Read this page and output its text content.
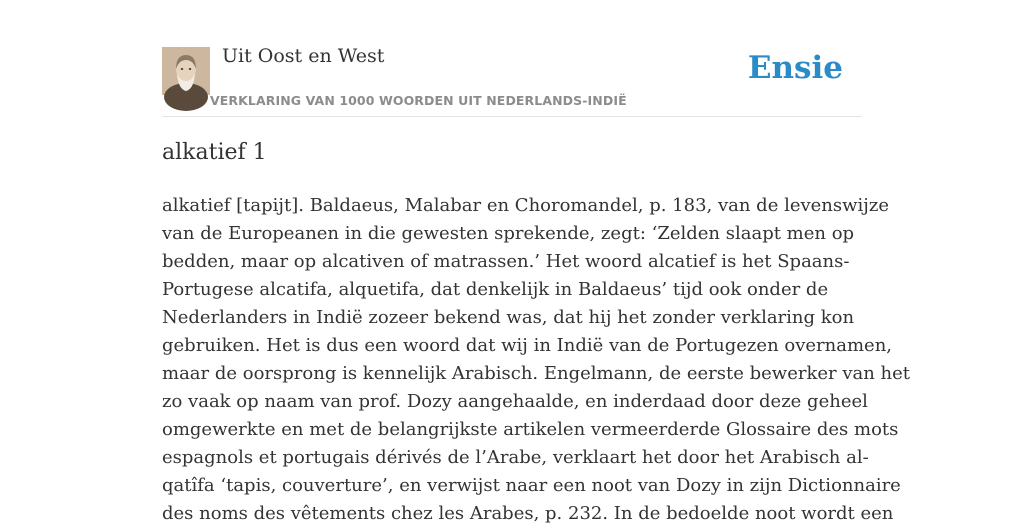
Uit Oost en West
VERKLARING VAN 1000 WOORDEN UIT NEDERLANDS-INDIË
Ensie
alkatief 1
alkatief [tapijt]. Baldaeus, Malabar en Choromandel, p. 183, van de levenswijze
van de Europeanen in die gewesten sprekende, zegt: ‘Zelden slaapt men op
bedden, maar op alcativen of matrassen.’ Het woord alcatief is het Spaans-
Portugese alcatifa, alquetifa, dat denkelijk in Baldaeus’ tijd ook onder de
Nederlanders in Indië zozeer bekend was, dat hij het zonder verklaring kon
gebruiken. Het is dus een woord dat wij in Indië van de Portugezen overnamen,
maar de oorsprong is kennelijk Arabisch. Engelmann, de eerste bewerker van het
zo vaak op naam van prof. Dozy aangehaalde, en inderdaad door deze geheel
omgewerkte en met de belangrijkste artikelen vermeerderde Glossaire des mots
espagnols et portugais dérivés de l’Arabe, verklaart het door het Arabisch al-
qatîfa ‘tapis, couverture’, en verwijst naar een noot van Dozy in zijn Dictionnaire
des noms des vêtements chez les Arabes, p. 232. In de bedoelde noot wordt een
